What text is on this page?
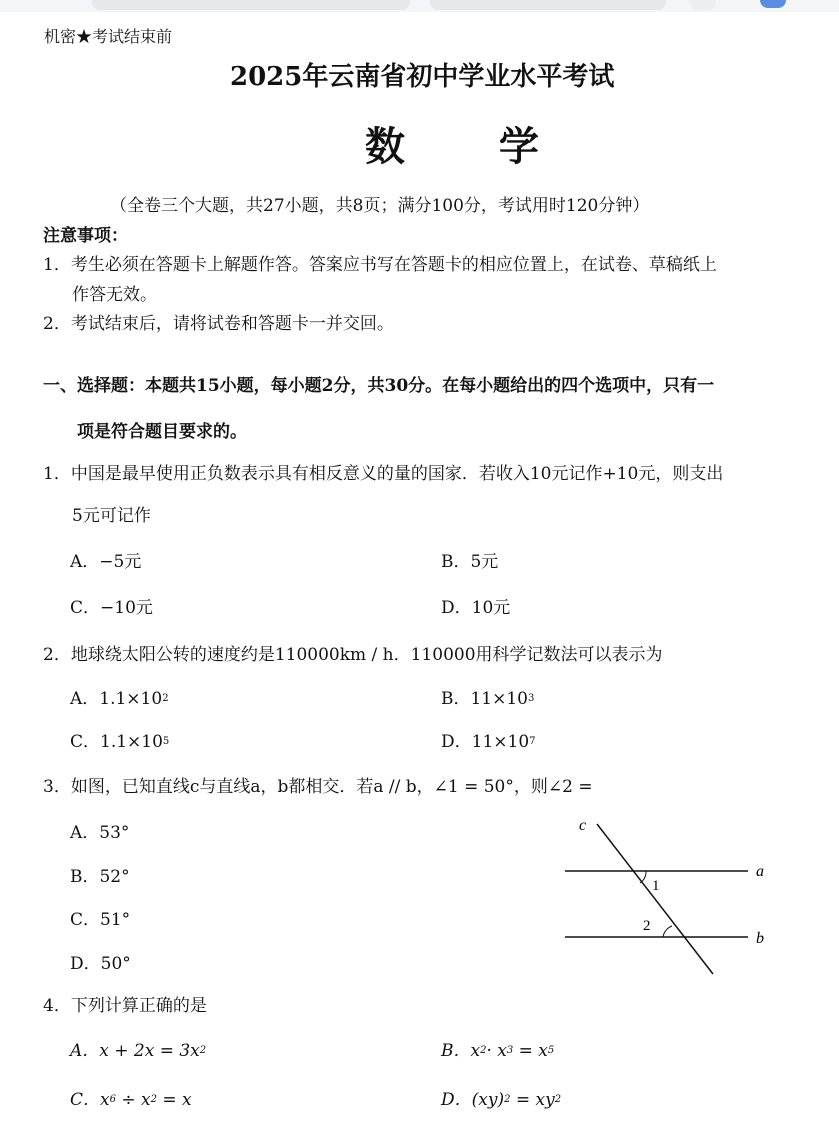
机密★考试结束前
2025年云南省初中学业水平考试
数 学
（全卷三个大题，共27小题，共8页；满分100分，考试用时120分钟）
注意事项：
1．考生必须在答题卡上解题作答。答案应书写在答题卡的相应位置上，在试卷、草稿纸上
作答无效。
2．考试结束后，请将试卷和答题卡一并交回。
一、选择题：本题共15小题，每小题2分，共30分。在每小题给出的四个选项中，只有一
项是符合题目要求的。
1．中国是最早使用正负数表示具有相反意义的量的国家．若收入10元记作+10元，则支出
5元可记作
A．−5元	B．5元
C．−10元	D．10元
2．地球绕太阳公转的速度约是110000km / h．110000用科学记数法可以表示为
A．$1.1\times 10^2$	B．$11\times 10^3$
C．$1.1\times 10^5$	D．$11\times 10^7$
3．如图，已知直线c与直线a，b都相交．若a // b，∠1 = 50°，则∠2 =
A．53°
B．52°
C．51°
D．50°
c
a
b
1
2
4．下列计算正确的是
A．$x + 2x = 3x^2$	B．$x^2\cdot x^3 = x^5$
C．$x^6 \div x^2 = x$	D．$(xy)^2 = xy^2$
